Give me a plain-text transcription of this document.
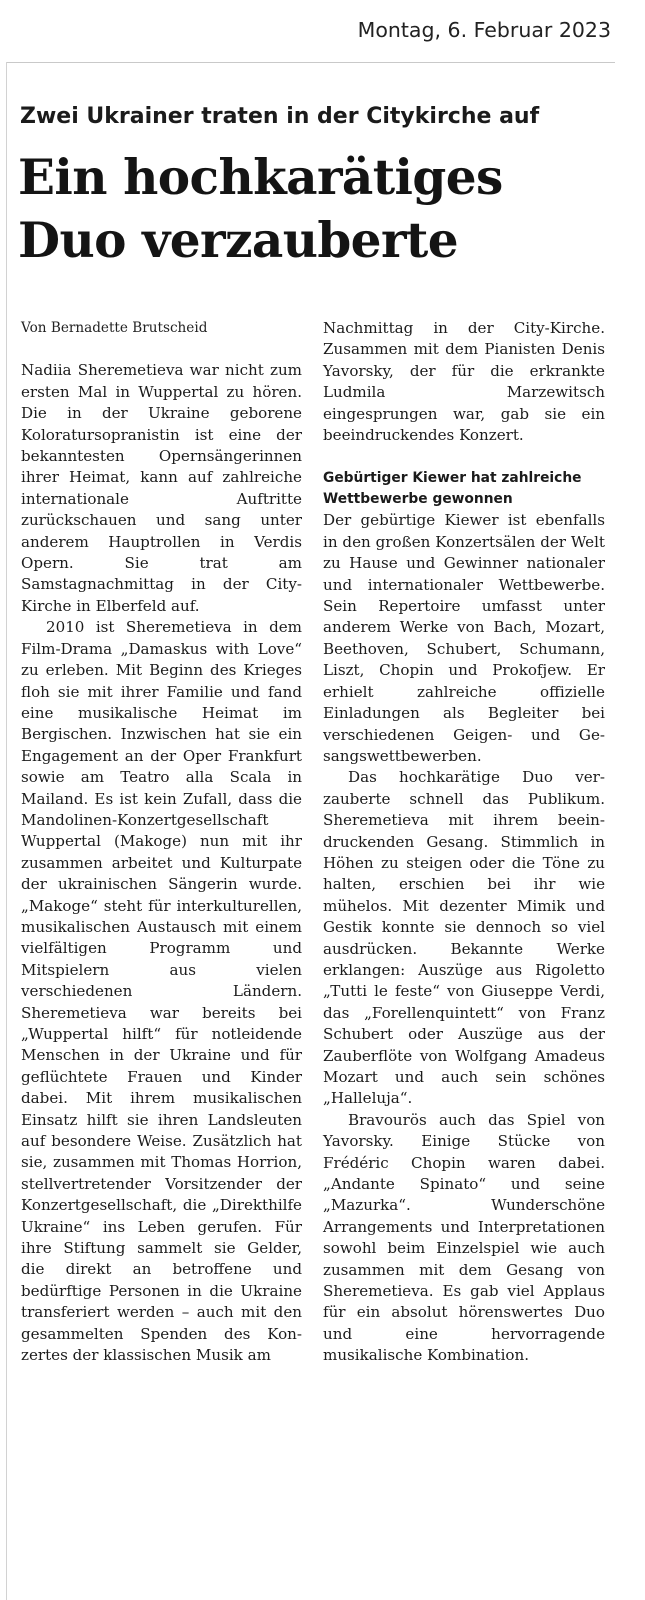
Montag, 6. Februar 2023
Zwei Ukrainer traten in der Citykirche auf
Ein hochkarätiges
Duo verzauberte

Von Bernadette Brutscheid

Nadiia Sheremetieva war nicht zum ersten Mal in Wuppertal zu hören. Die in der Ukraine geborene Koloratursopranistin ist eine der bekanntesten Opernsängerinnen ihrer Heimat, kann auf zahlreiche internationale Auftritte zurückschauen und sang unter anderem Hauptrollen in Verdis Opern. Sie trat am Samstagnachmittag in der City-Kirche in Elberfeld auf.

2010 ist Sheremetieva in dem Film-Drama „Damaskus with Love“ zu erleben. Mit Beginn des Krieges floh sie mit ihrer Familie und fand eine musikalische Heimat im Bergischen. Inzwischen hat sie ein Engagement an der Oper Frankfurt sowie am Teatro alla Scala in Mailand. Es ist kein Zufall, dass die Mandolinen-Konzertgesellschaft Wuppertal (Makoge) nun mit ihr zusammen arbeitet und Kulturpate der ukrainischen Sängerin wurde. „Makoge“ steht für interkulturellen, musikalischen Austausch mit einem vielfältigen Programm und Mitspielern aus vielen verschiedenen Ländern. Sheremetieva war bereits bei „Wuppertal hilft“ für notleidende Menschen in der Ukraine und für geflüchtete Frauen und Kinder dabei. Mit ihrem musikalischen Einsatz hilft sie ihren Landsleuten auf besondere Weise. Zusätzlich hat sie, zusammen mit Thomas Horrion, stellvertretender Vorsitzender der Konzertgesellschaft, die „Direkthilfe Ukraine“ ins Leben gerufen. Für ihre Stiftung sammelt sie Gelder, die direkt an betroffene und bedürftige Personen in die Ukraine transferiert werden – auch mit den gesammelten Spenden des Konzertes der klassischen Musik am

Nachmittag in der City-Kirche. Zusammen mit dem Pianisten Denis Yavorsky, der für die erkrankte Ludmila Marzewitsch eingesprungen war, gab sie ein beeindruckendes Konzert.

Gebürtiger Kiewer hat zahlreiche Wettbewerbe gewonnen

Der gebürtige Kiewer ist ebenfalls in den großen Konzertsälen der Welt zu Hause und Gewinner nationaler und internationaler Wettbewerbe. Sein Repertoire umfasst unter anderem Werke von Bach, Mozart, Beethoven, Schubert, Schumann, Liszt, Chopin und Prokofjew. Er erhielt zahlreiche offizielle Einladungen als Begleiter bei verschiedenen Geigen- und Gesangswettbewerben.

Das hochkarätige Duo verzauberte schnell das Publikum. Sheremetieva mit ihrem beeindruckenden Gesang. Stimmlich in Höhen zu steigen oder die Töne zu halten, erschien bei ihr wie mühelos. Mit dezenter Mimik und Gestik konnte sie dennoch so viel ausdrücken. Bekannte Werke erklangen: Auszüge aus Rigoletto „Tutti le feste“ von Giuseppe Verdi, das „Forellenquintett“ von Franz Schubert oder Auszüge aus der Zauberflöte von Wolfgang Amadeus Mozart und auch sein schönes „Halleluja“.

Bravourös auch das Spiel von Yavorsky. Einige Stücke von Frédéric Chopin waren dabei. „Andante Spinato“ und seine „Mazurka“. Wunderschöne Arrangements und Interpretationen sowohl beim Einzelspiel wie auch zusammen mit dem Gesang von Sheremetieva. Es gab viel Applaus für ein absolut hörenswertes Duo und eine hervorragende musikalische Kombination.
